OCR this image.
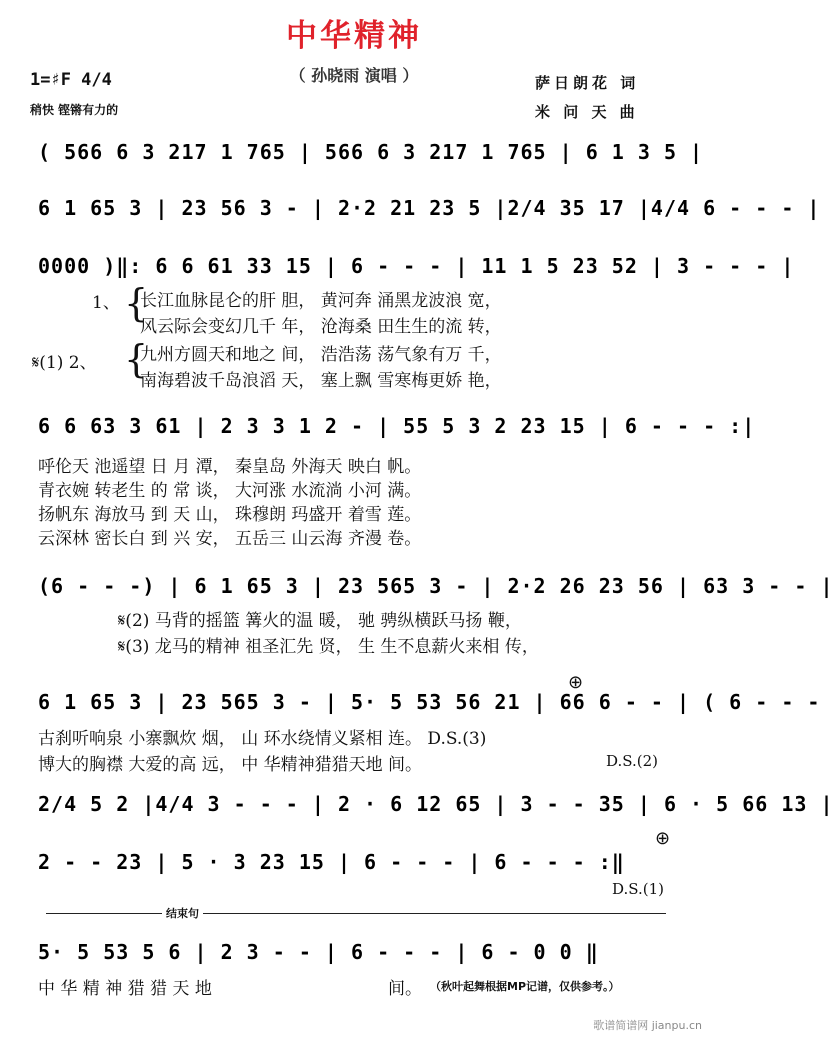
中华精神
（ 孙晓雨 演唱 ）
1=♯F 4/4
稍快 铿锵有力的
萨日朗花 词
米 问 天 曲
( 566 6 3 217 1 765 | 566 6 3 217 1 765 | 6 1 3 5 |
6 1 65 3 | 23 56 3 - | 2·2 21 23 5 |2/4 35 17 |4/4 6 - - - |
0000 )‖: 6 6 61 33 15 | 6 - - - | 11 1 5 23 52 | 3 - - - |
1、 {
长江血脉昆仑的肝 胆， 黄河奔 涌黑龙波浪 宽，
风云际会变幻几千 年， 沧海桑 田生生的流 转，
𝄋(1) 2、 {
九州方圆天和地之 间， 浩浩荡 荡气象有万 千，
南海碧波千岛浪滔 天， 塞上飘 雪寒梅更娇 艳，
6 6 63 3 61 | 2 3 3 1 2 - | 55 5 3 2 23 15 | 6 - - - :|
呼伦天 池遥望 日 月 潭， 秦皇岛 外海天 映白 帆。
青衣婉 转老生 的 常 谈， 大河涨 水流淌 小河 满。
扬帆东 海放马 到 天 山， 珠穆朗 玛盛开 着雪 莲。
云深林 密长白 到 兴 安， 五岳三 山云海 齐漫 卷。
(6 - - -) | 6 1 65 3 | 23 565 3 - | 2·2 26 23 56 | 63 3 - - |
𝄋(2) 马背的摇篮 篝火的温 暖， 驰 骋纵横跃马扬 鞭，
𝄋(3) 龙马的精神 祖圣汇先 贤， 生 生不息薪火来相 传，
⊕
6 1 65 3 | 23 565 3 - | 5· 5 53 56 21 | 66 6 - - | ( 6 - - -
古刹听响泉 小寨飘炊 烟， 山 环水绕情义紧相 连。 D.S.(3)
博大的胸襟 大爱的高 远， 中 华精神猎猎天地 间。	D.S.(2)
2/4 5 2 |4/4 3 - - - | 2 · 6 12 65 | 3 - - 35 | 6 · 5 66 13 |
⊕
2 - - 23 | 5 · 3 23 15 | 6 - - - | 6 - - - :‖
D.S.(1)
结束句
5· 5 53 5 6 | 2 3 - - | 6 - - - | 6 - 0 0 ‖
中 华 精 神 猎 猎 天 地	间。 （秋叶起舞根据MP记谱，仅供参考。）
歌谱简谱网 jianpu.cn
